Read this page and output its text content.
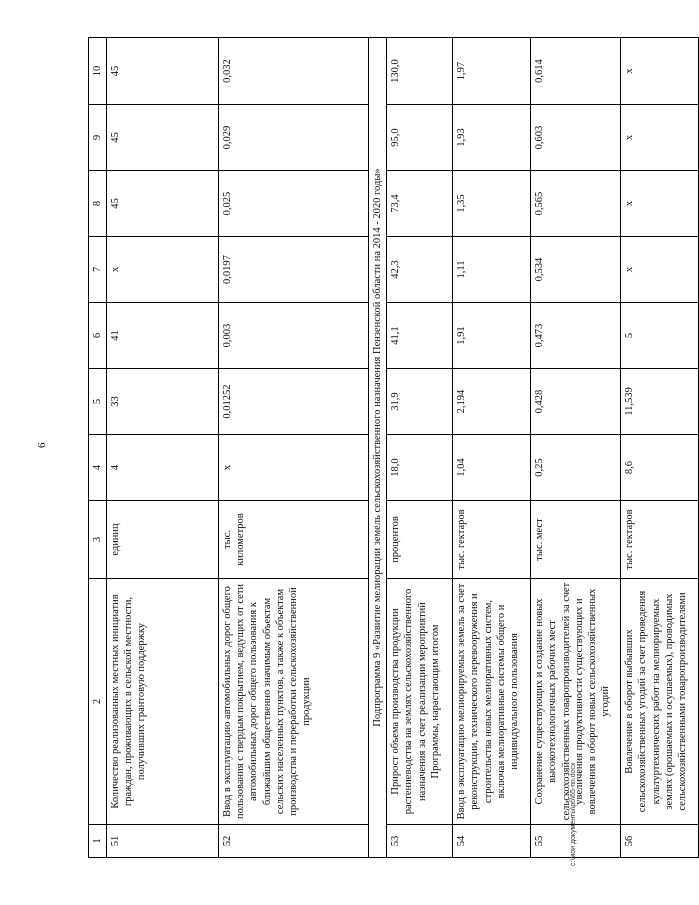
6
с:\мои документы\рб\65-пп.docx
1	2	3	4	5	6	7	8	9	10
51	Количество реализованных местных инициатив граждан, проживающих в сельской местности, получивших грантовую поддержку	единиц	4	33	41	x	45	45	45
52	Ввод в эксплуатацию автомобильных дорог общего пользования с твердым покрытием, ведущих от сети автомобильных дорог общего пользования к ближайшим общественно значимым объектам сельских населенных пунктов, а также к объектам производства и переработки сельскохозяйственной продукции	тыс. километров	x	0,01252	0,003	0,0197	0,025	0,029	0,032
Подпрограмма 9 «Развитие мелиорации земель сельскохозяйственного назначения Пензенской области на 2014 - 2020 годы»									
53	Прирост объема производства продукции растениеводства на землях сельскохозяйственного назначения за счет реализации мероприятий Программы, нарастающим итогом	процентов	18,0	31,9	41,1	42,3	73,4	95,0	130,0
54	Ввод в эксплуатацию мелиорируемых земель за счет реконструкции, технического перевооружения и строительства новых мелиоративных систем, включая мелиоративные системы общего и индивидуального пользования	тыс. гектаров	1,04	2,194	1,91	1,11	1,35	1,93	1,97
55	Сохранение существующих и создание новых высокотехнологичных рабочих мест сельскохозяйственных товаропроизводителей за счет увеличения продуктивности существующих и вовлечения в оборот новых сельскохозяйственных угодий	тыс. мест	0,25	0,428	0,473	0,534	0,565	0,603	0,614
56	Вовлечение в оборот выбывших сельскохозяйственных угодий за счет проведения культуртехнических работ на мелиорируемых землях (орошаемых и осушаемых), проводимых сельскохозяйственными товаропроизводителями	тыс. гектаров	8,6	11,539	5	x	x	x	x
